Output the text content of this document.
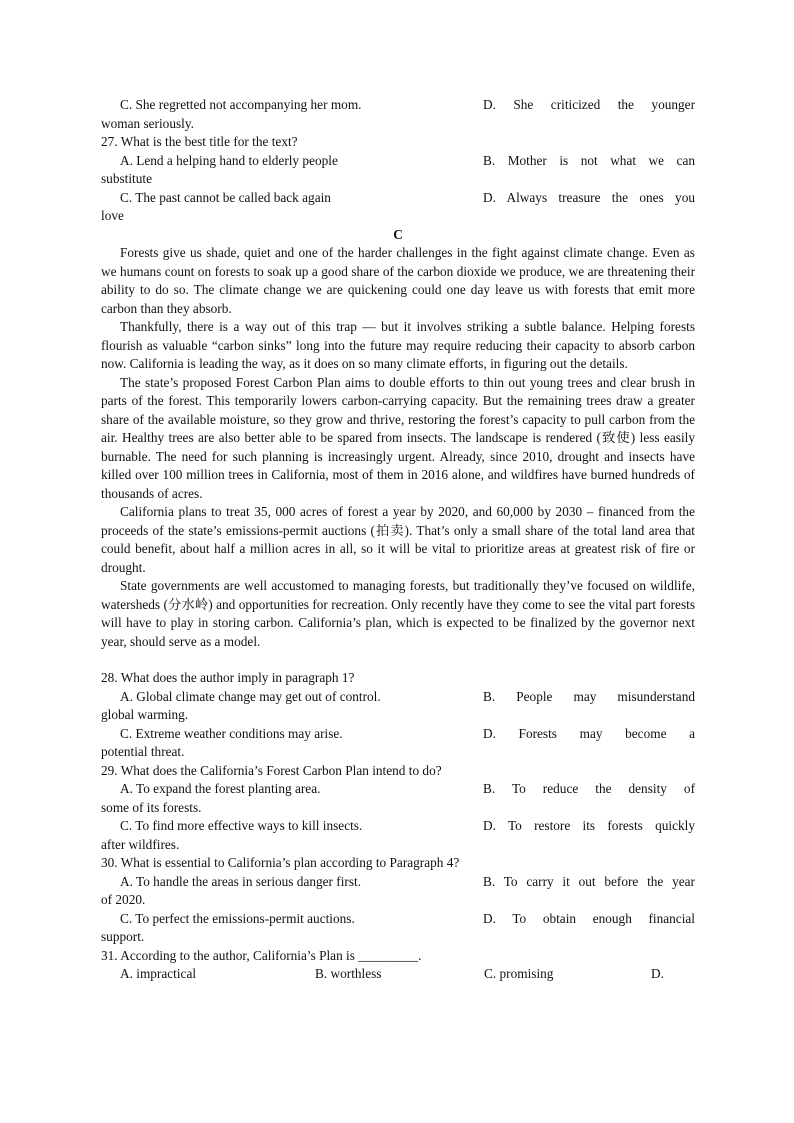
C. She regretted not accompanying her mom.	D. She criticized the younger
woman seriously.
27. What is the best title for the text?
A. Lend a helping hand to elderly people	B. Mother is not what we can
substitute
C. The past cannot be called back again	D. Always treasure the ones you
love
C

Forests give us shade, quiet and one of the harder challenges in the fight against climate change. Even as we humans count on forests to soak up a good share of the carbon dioxide we produce, we are threatening their ability to do so. The climate change we are quickening could one day leave us with forests that emit more carbon than they absorb.

Thankfully, there is a way out of this trap — but it involves striking a subtle balance. Helping forests flourish as valuable “carbon sinks” long into the future may require reducing their capacity to absorb carbon now. California is leading the way, as it does on so many climate efforts, in figuring out the details.

The state’s proposed Forest Carbon Plan aims to double efforts to thin out young trees and clear brush in parts of the forest. This temporarily lowers carbon-carrying capacity. But the remaining trees draw a greater share of the available moisture, so they grow and thrive, restoring the forest’s capacity to pull carbon from the air. Healthy trees are also better able to be spared from insects. The landscape is rendered (致使) less easily burnable. The need for such planning is increasingly urgent. Already, since 2010, drought and insects have killed over 100 million trees in California, most of them in 2016 alone, and wildfires have burned hundreds of thousands of acres.

California plans to treat 35, 000 acres of forest a year by 2020, and 60,000 by 2030 – financed from the proceeds of the state’s emissions-permit auctions (拍卖). That’s only a small share of the total land area that could benefit, about half a million acres in all, so it will be vital to prioritize areas at greatest risk of fire or drought.

State governments are well accustomed to managing forests, but traditionally they’ve focused on wildlife, watersheds (分水岭) and opportunities for recreation. Only recently have they come to see the vital part forests will have to play in storing carbon. California’s plan, which is expected to be finalized by the governor next year, should serve as a model.

28. What does the author imply in paragraph 1?
A. Global climate change may get out of control.	B. People may misunderstand
global warming.
C. Extreme weather conditions may arise.	D. Forests may become a
potential threat.
29. What does the California’s Forest Carbon Plan intend to do?
A. To expand the forest planting area.	B. To reduce the density of
some of its forests.
C. To find more effective ways to kill insects.	D. To restore its forests quickly
after wildfires.
30. What is essential to California’s plan according to Paragraph 4?
A. To handle the areas in serious danger first.	B. To carry it out before the year
of 2020.
C. To perfect the emissions-permit auctions.	D. To obtain enough financial
support.
31. According to the author, California’s Plan is _________.
A. impractical	B. worthless	C. promising	D.
